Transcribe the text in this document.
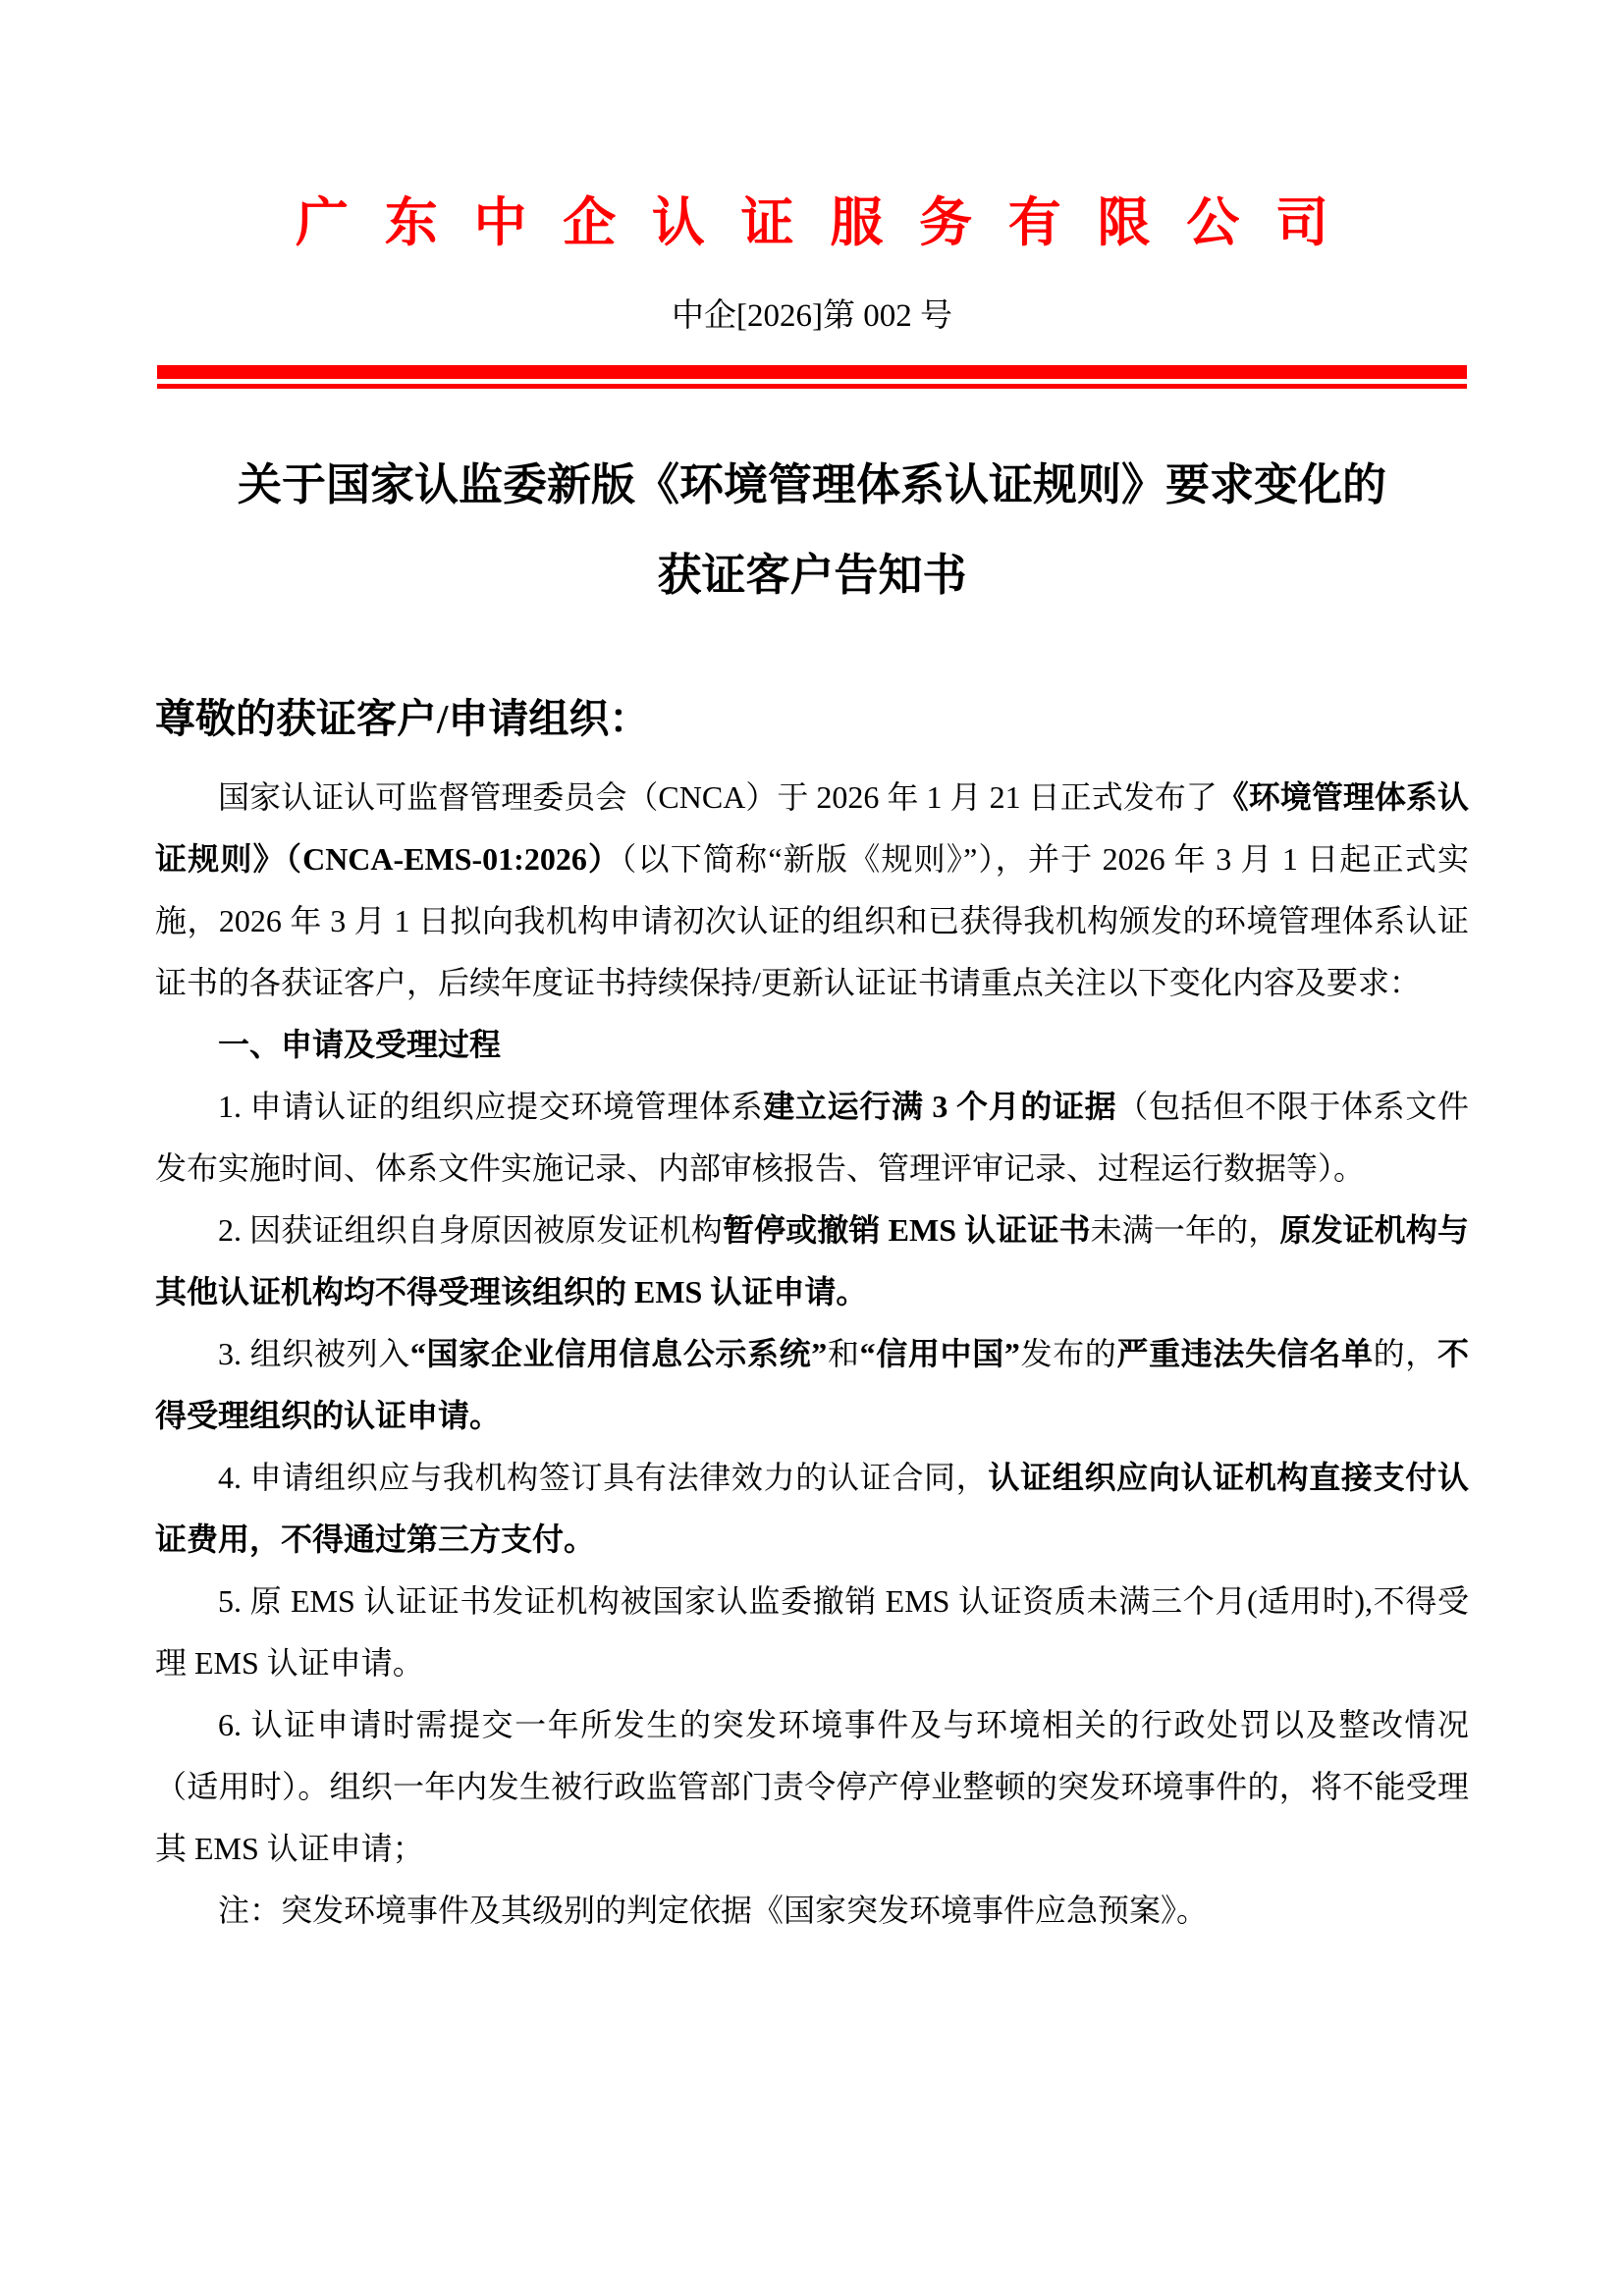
广东中企认证服务有限公司
中企[2026]第 002 号
关于国家认监委新版《环境管理体系认证规则》要求变化的
获证客户告知书
尊敬的获证客户/申请组织：

国家认证认可监督管理委员会（CNCA）于 2026 年 1 月 21 日正式发布了《环境管理体系认证规则》（CNCA-EMS-01:2026）（以下简称“新版《规则》”），并于 2026 年 3 月 1 日起正式实施，2026 年 3 月 1 日拟向我机构申请初次认证的组织和已获得我机构颁发的环境管理体系认证证书的各获证客户，后续年度证书持续保持/更新认证证书请重点关注以下变化内容及要求：

一、申请及受理过程

1. 申请认证的组织应提交环境管理体系建立运行满 3 个月的证据（包括但不限于体系文件发布实施时间、体系文件实施记录、内部审核报告、管理评审记录、过程运行数据等）。

2. 因获证组织自身原因被原发证机构暂停或撤销 EMS 认证证书未满一年的，原发证机构与其他认证机构均不得受理该组织的 EMS 认证申请。

3. 组织被列入“国家企业信用信息公示系统”和“信用中国”发布的严重违法失信名单的，不得受理组织的认证申请。

4. 申请组织应与我机构签订具有法律效力的认证合同，认证组织应向认证机构直接支付认证费用，不得通过第三方支付。

5. 原 EMS 认证证书发证机构被国家认监委撤销 EMS 认证资质未满三个月(适用时),不得受理 EMS 认证申请。

6. 认证申请时需提交一年所发生的突发环境事件及与环境相关的行政处罚以及整改情况（适用时）。组织一年内发生被行政监管部门责令停产停业整顿的突发环境事件的，将不能受理其 EMS 认证申请；

注：突发环境事件及其级别的判定依据《国家突发环境事件应急预案》。
